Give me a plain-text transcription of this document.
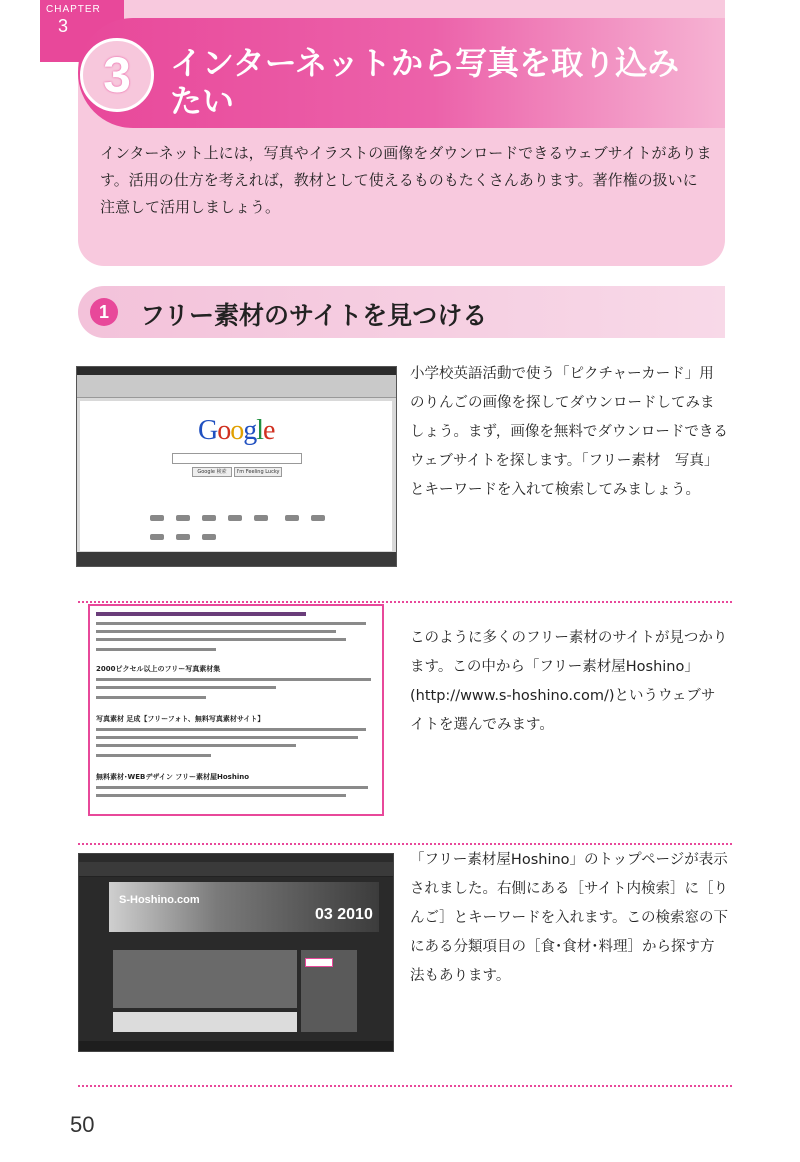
CHAPTER
3
3 インターネットから写真を取り込みたい
インターネット上には，写真やイラストの画像をダウンロードできるウェブサイトがあります。活用の仕方を考えれば，教材として使えるものもたくさんあります。著作権の扱いに注意して活用しましょう。
1	フリー素材のサイトを見つける
Google
Google 検索	I'm Feeling Lucky

小学校英語活動で使う「ピクチャーカード」用のりんごの画像を探してダウンロードしてみましょう。まず，画像を無料でダウンロードできるウェブサイトを探します。「フリー素材　写真」とキーワードを入れて検索してみましょう。
2000ピクセル以上のフリー写真素材集
写真素材 足成【フリーフォト、無料写真素材サイト】
無料素材･WEBデザイン フリー素材屋Hoshino
このように多くのフリー素材のサイトが見つかります。この中から「フリー素材屋Hoshino」(http://www.s-hoshino.com/)というウェブサイトを選んでみます。
S-Hoshino.com
03 2010
「フリー素材屋Hoshino」のトップページが表示されました。右側にある［サイト内検索］に［りんご］とキーワードを入れます。この検索窓の下にある分類項目の［食･食材･料理］から探す方法もあります。
50
